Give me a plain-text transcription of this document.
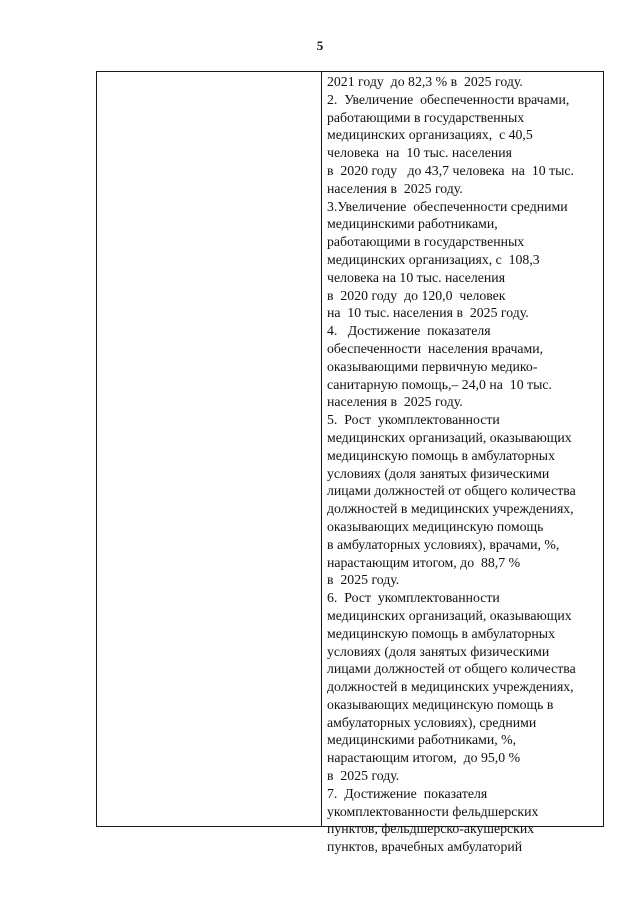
5
2021 году  до 82,3 % в  2025 году.
2.  Увеличение  обеспеченности врачами,
работающими в государственных
медицинских организациях,  с 40,5
человека  на  10 тыс. населения
в  2020 году   до 43,7 человека  на  10 тыс.
населения в  2025 году.
3.Увеличение  обеспеченности средними
медицинскими работниками,
работающими в государственных
медицинских организациях, с  108,3
человека на 10 тыс. населения
в  2020 году  до 120,0  человек
на  10 тыс. населения в  2025 году.
4.   Достижение  показателя
обеспеченности  населения врачами,
оказывающими первичную медико-
санитарную помощь,– 24,0 на  10 тыс.
населения в  2025 году.
5.  Рост  укомплектованности
медицинских организаций, оказывающих
медицинскую помощь в амбулаторных
условиях (доля занятых физическими
лицами должностей от общего количества
должностей в медицинских учреждениях,
оказывающих медицинскую помощь
в амбулаторных условиях), врачами, %,
нарастающим итогом, до  88,7 %
в  2025 году.
6.  Рост  укомплектованности
медицинских организаций, оказывающих
медицинскую помощь в амбулаторных
условиях (доля занятых физическими
лицами должностей от общего количества
должностей в медицинских учреждениях,
оказывающих медицинскую помощь в
амбулаторных условиях), средними
медицинскими работниками, %,
нарастающим итогом,  до 95,0 %
в  2025 году.
7.  Достижение  показателя
укомплектованности фельдшерских
пунктов, фельдшерско-акушерских
пунктов, врачебных амбулаторий
